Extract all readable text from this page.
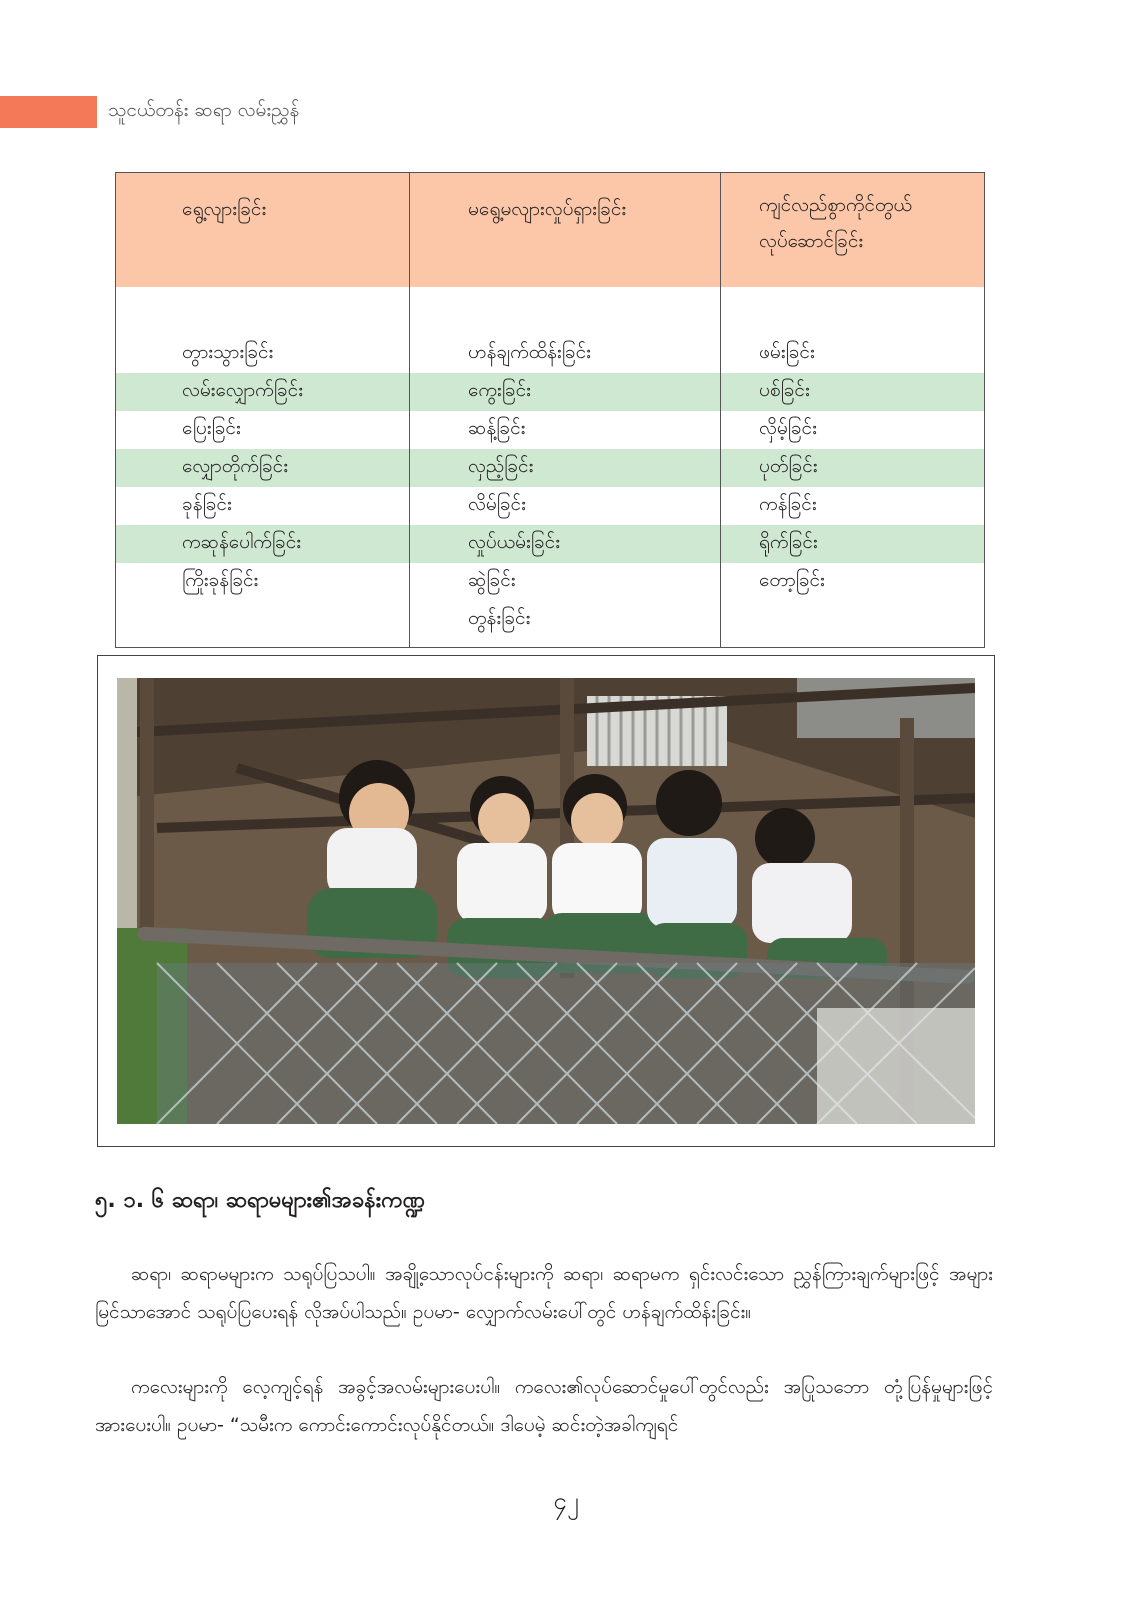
သူငယ်တန်း ဆရာ လမ်းညွှန်
ရွေ့လျားခြင်း	မရွေ့မလျားလှုပ်ရှားခြင်း	ကျင်လည်စွာကိုင်တွယ် လုပ်ဆောင်ခြင်း

တွားသွားခြင်း	ဟန်ချက်ထိန်းခြင်း	ဖမ်းခြင်း
လမ်းလျှောက်ခြင်း	ကွေးခြင်း	ပစ်ခြင်း
ပြေးခြင်း	ဆန့်ခြင်း	လှိမ့်ခြင်း
လျှောတိုက်ခြင်း	လှည့်ခြင်း	ပုတ်ခြင်း
ခုန်ခြင်း	လိမ်ခြင်း	ကန်ခြင်း
ကဆုန်ပေါက်ခြင်း	လှုပ်ယမ်းခြင်း	ရိုက်ခြင်း
ကြိုးခုန်ခြင်း	ဆွဲခြင်း	တော့ခြင်း
	တွန်းခြင်း	

၅. ၁. ၆ ဆရာ၊ ဆရာမများ၏အခန်းကဏ္ဍ
ဆရာ၊ ဆရာမများက သရုပ်ပြသပါ။ အချို့သောလုပ်ငန်းများကို ဆရာ၊ ဆရာမက ရှင်းလင်းသော ညွှန်ကြားချက်များဖြင့် အများမြင်သာအောင် သရုပ်ပြပေးရန် လိုအပ်ပါသည်။ ဥပမာ- လျှောက်လမ်းပေါ်တွင် ဟန်ချက်ထိန်းခြင်း။
ကလေးများကို လေ့ကျင့်ရန် အခွင့်အလမ်းများပေးပါ။ ကလေး၏လုပ်ဆောင်မှုပေါ်တွင်လည်း အပြုသဘော တုံ့ပြန်မှုများဖြင့် အားပေးပါ။ ဥပမာ- “သမီးက ကောင်းကောင်းလုပ်နိုင်တယ်။ ဒါပေမဲ့ ဆင်းတဲ့အခါကျရင်
၄၂
